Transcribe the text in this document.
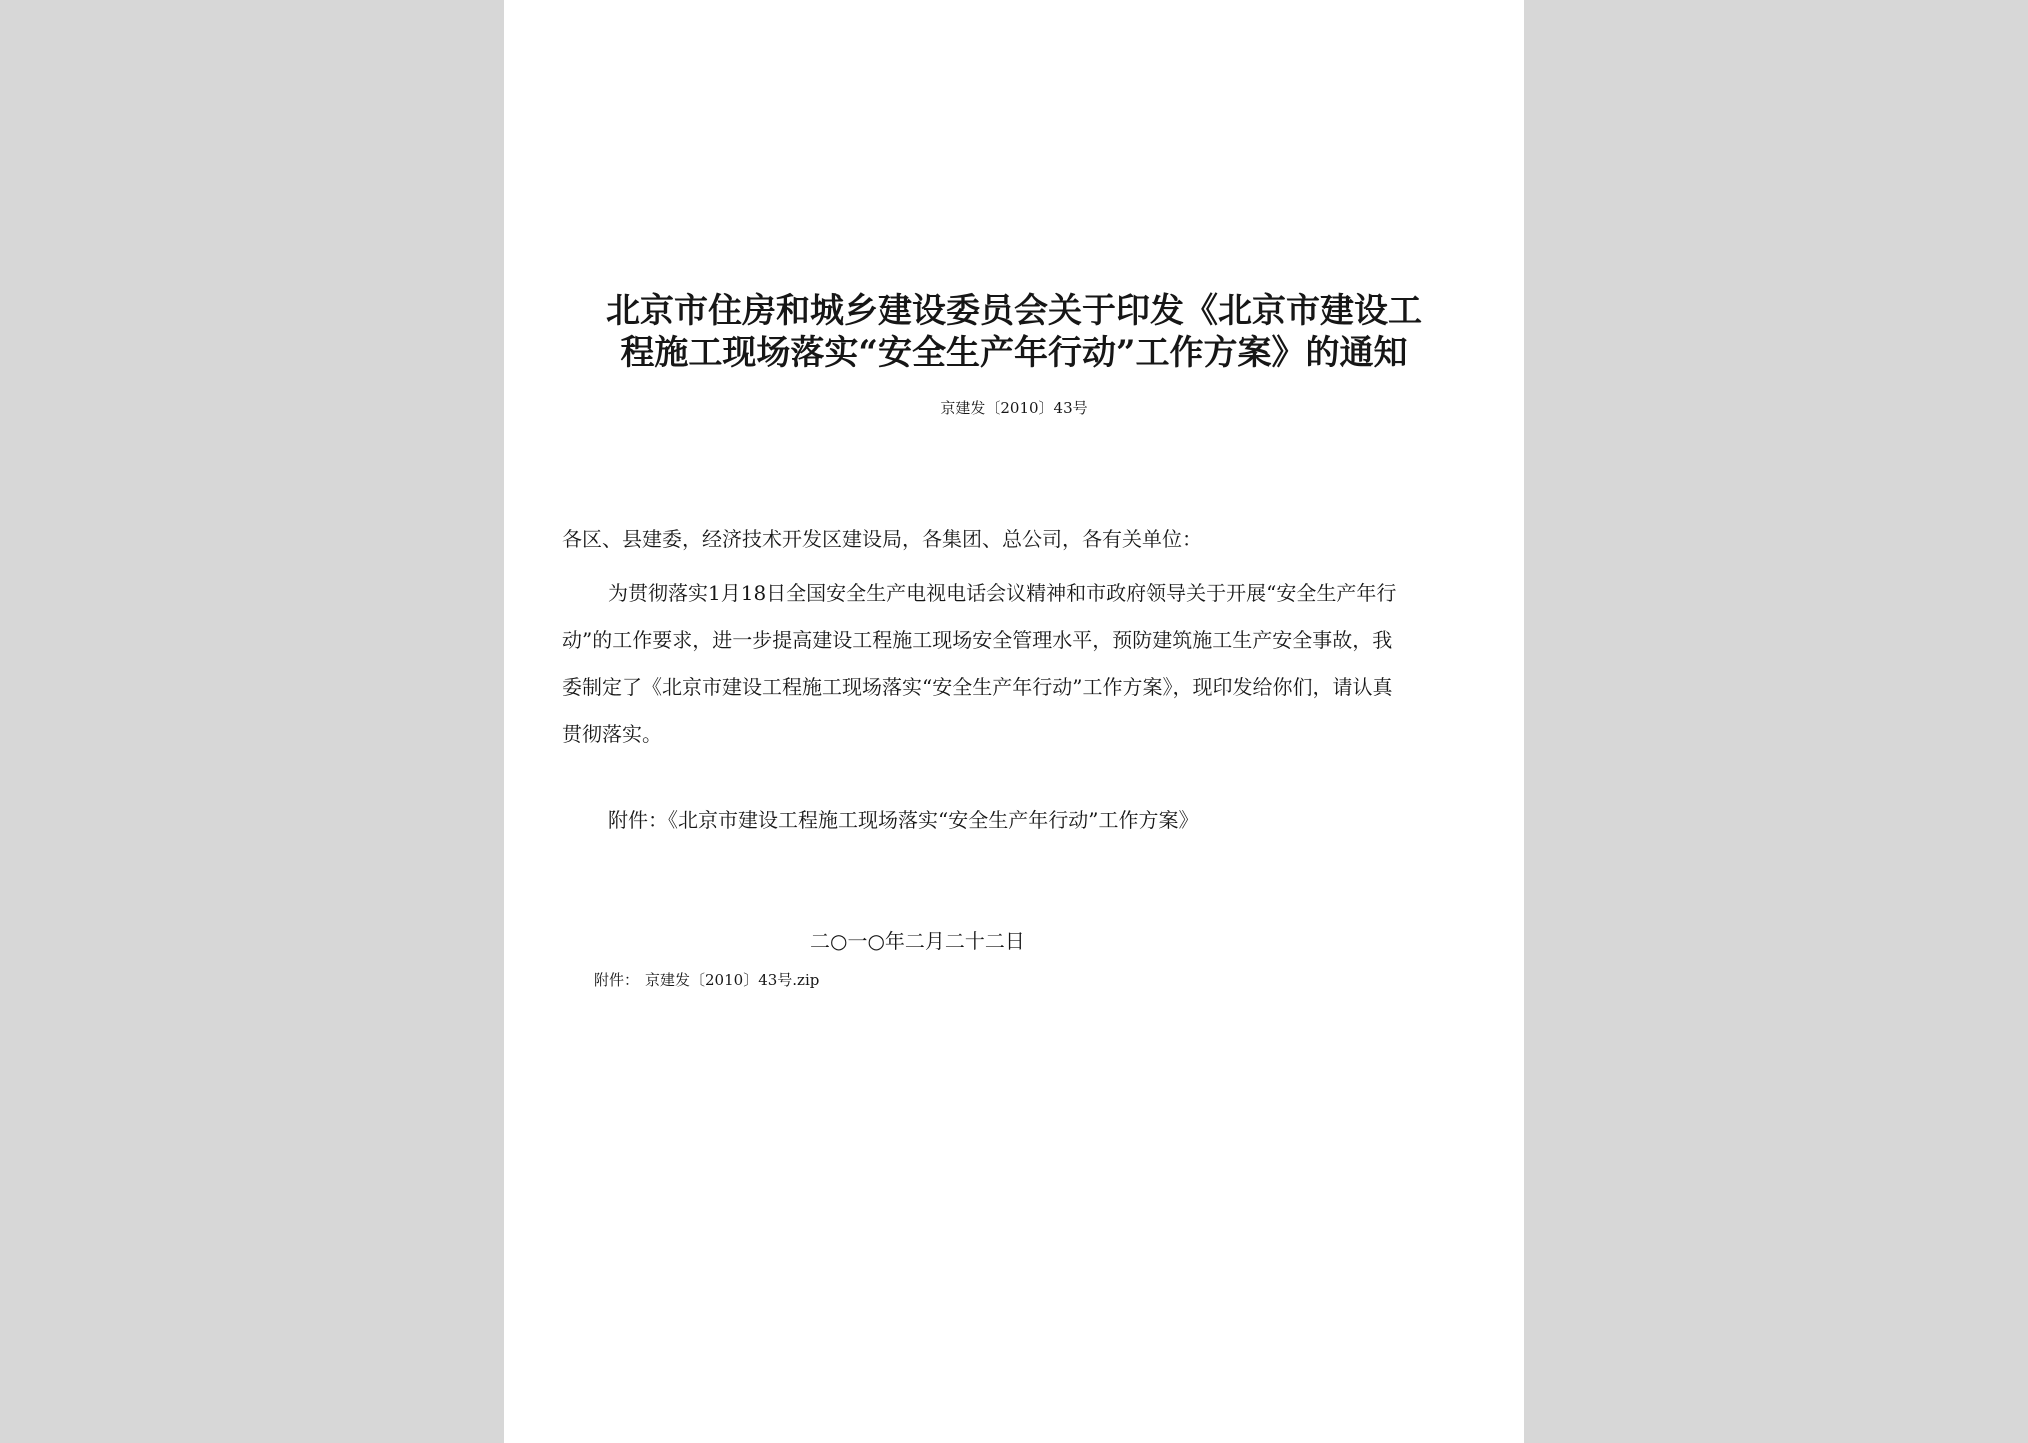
北京市住房和城乡建设委员会关于印发《北京市建设工
程施工现场落实“安全生产年行动”工作方案》的通知
京建发〔2010〕43号
各区、县建委，经济技术开发区建设局，各集团、总公司，各有关单位：
为贯彻落实1月18日全国安全生产电视电话会议精神和市政府领导关于开展“安全生产年行
动”的工作要求，进一步提高建设工程施工现场安全管理水平，预防建筑施工生产安全事故，我
委制定了《北京市建设工程施工现场落实“安全生产年行动”工作方案》，现印发给你们，请认真
贯彻落实。
附件：《北京市建设工程施工现场落实“安全生产年行动”工作方案》
二○一○年二月二十二日
附件： 京建发〔2010〕43号.zip
